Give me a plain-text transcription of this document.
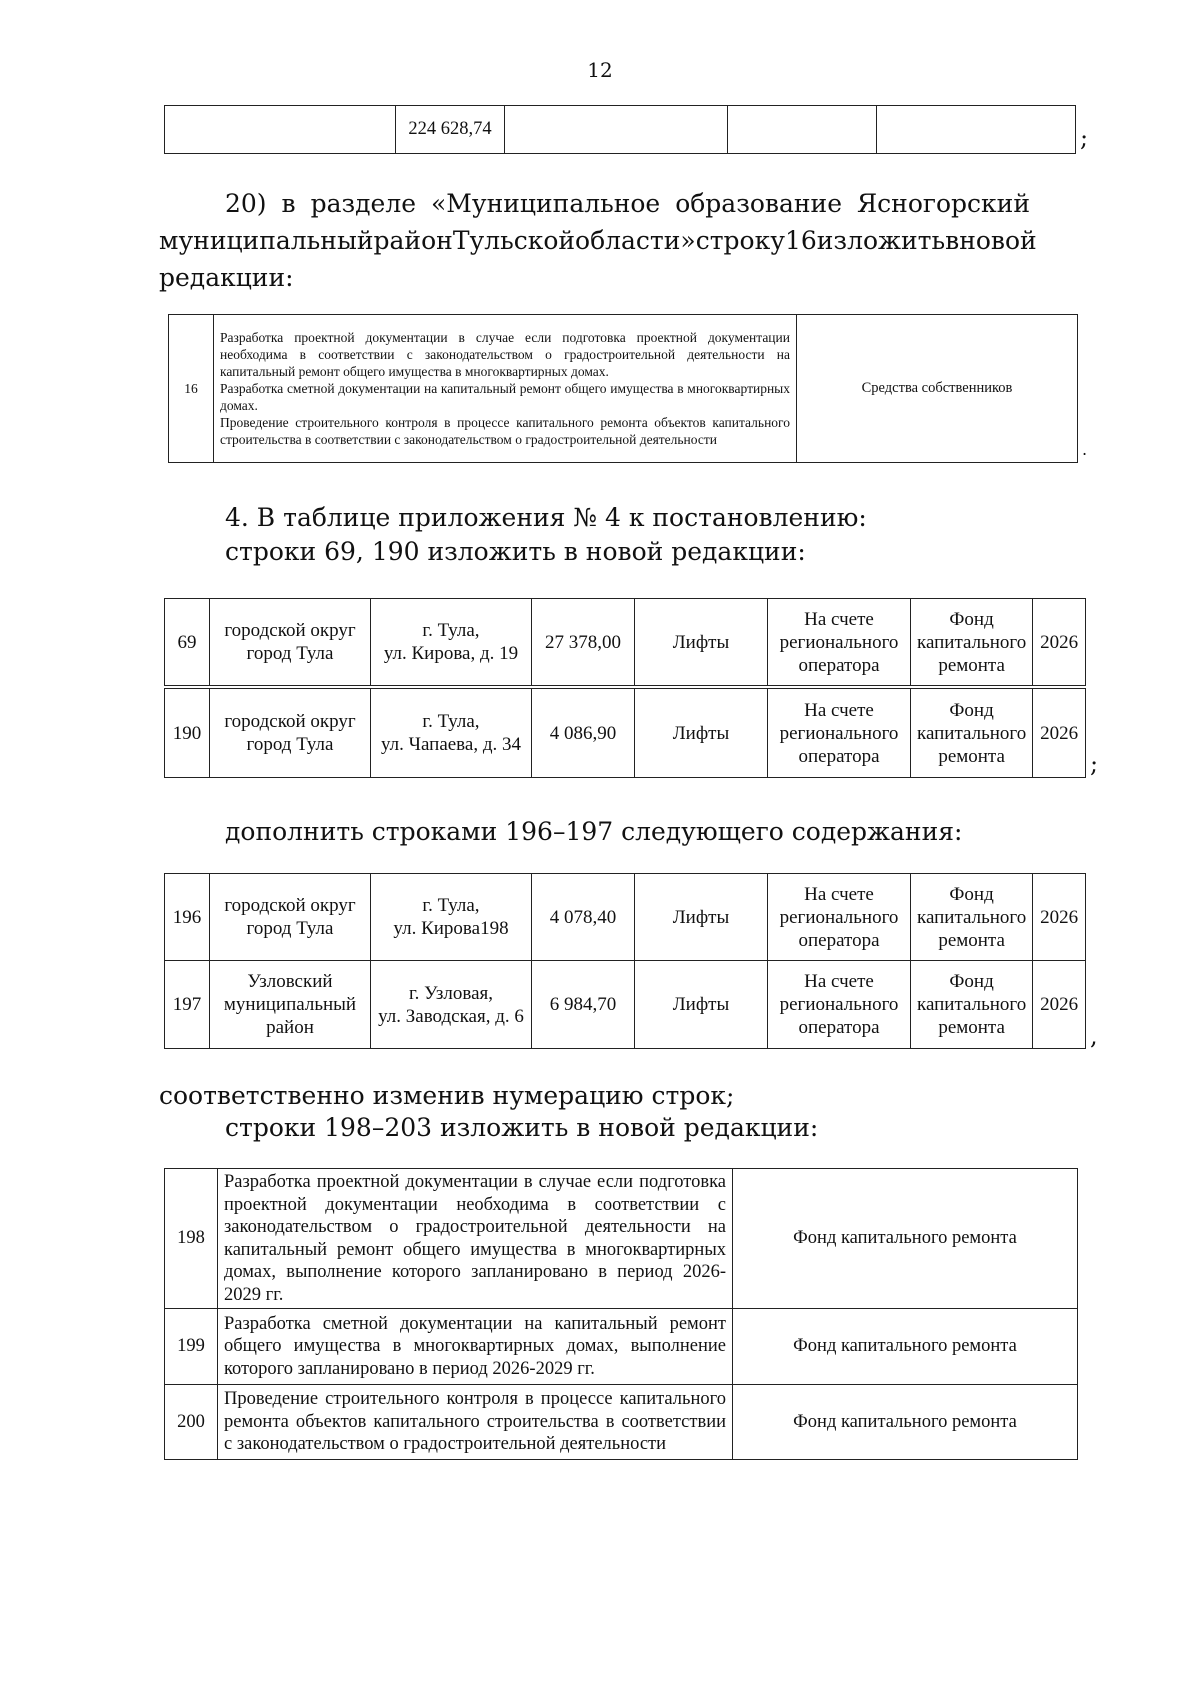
12
	224 628,74				;
20) в разделе «Муниципальное образование Ясногорский
муниципальный район Тульской области» строку 16 изложить в новой
редакции:
16	Разработка проектной документации в случае если подготовка проектной документации необходима в соответствии с законодательством о градостроительной деятельности на капитальный ремонт общего имущества в многоквартирных домах.
Разработка сметной документации на капитальный ремонт общего имущества в многоквартирных домах.
Проведение строительного контроля в процессе капитального ремонта объектов капитального строительства в соответствии с законодательством о градостроительной деятельности	Средства собственников
.
4. В таблице приложения № 4 к постановлению:
строки 69, 190 изложить в новой редакции:
69	городской округ город Тула	г. Тула,
ул. Кирова, д. 19	27 378,00	Лифты	На счете регионального оператора	Фонд капитального ремонта	2026
190	городской округ город Тула	г. Тула,
ул. Чапаева, д. 34	4 086,90	Лифты	На счете регионального оператора	Фонд капитального ремонта	2026
;
дополнить строками 196–197 следующего содержания:
196	городской округ город Тула	г. Тула,
ул. Кирова198	4 078,40	Лифты	На счете регионального оператора	Фонд капитального ремонта	2026
197	Узловский муниципальный район	г. Узловая,
ул. Заводская, д. 6	6 984,70	Лифты	На счете регионального оператора	Фонд капитального ремонта	2026
,
соответственно изменив нумерацию строк;
строки 198–203 изложить в новой редакции:
198	Разработка проектной документации в случае если подготовка проектной документации необходима в соответствии с законодательством о градостроительной деятельности на капитальный ремонт общего имущества в многоквартирных домах, выполнение которого запланировано в период 2026-2029 гг.	Фонд капитального ремонта
199	Разработка сметной документации на капитальный ремонт общего имущества в многоквартирных домах, выполнение которого запланировано в период 2026-2029 гг.	Фонд капитального ремонта
200	Проведение строительного контроля в процессе капитального ремонта объектов капитального строительства в соответствии с законодательством о градостроительной деятельности	Фонд капитального ремонта
